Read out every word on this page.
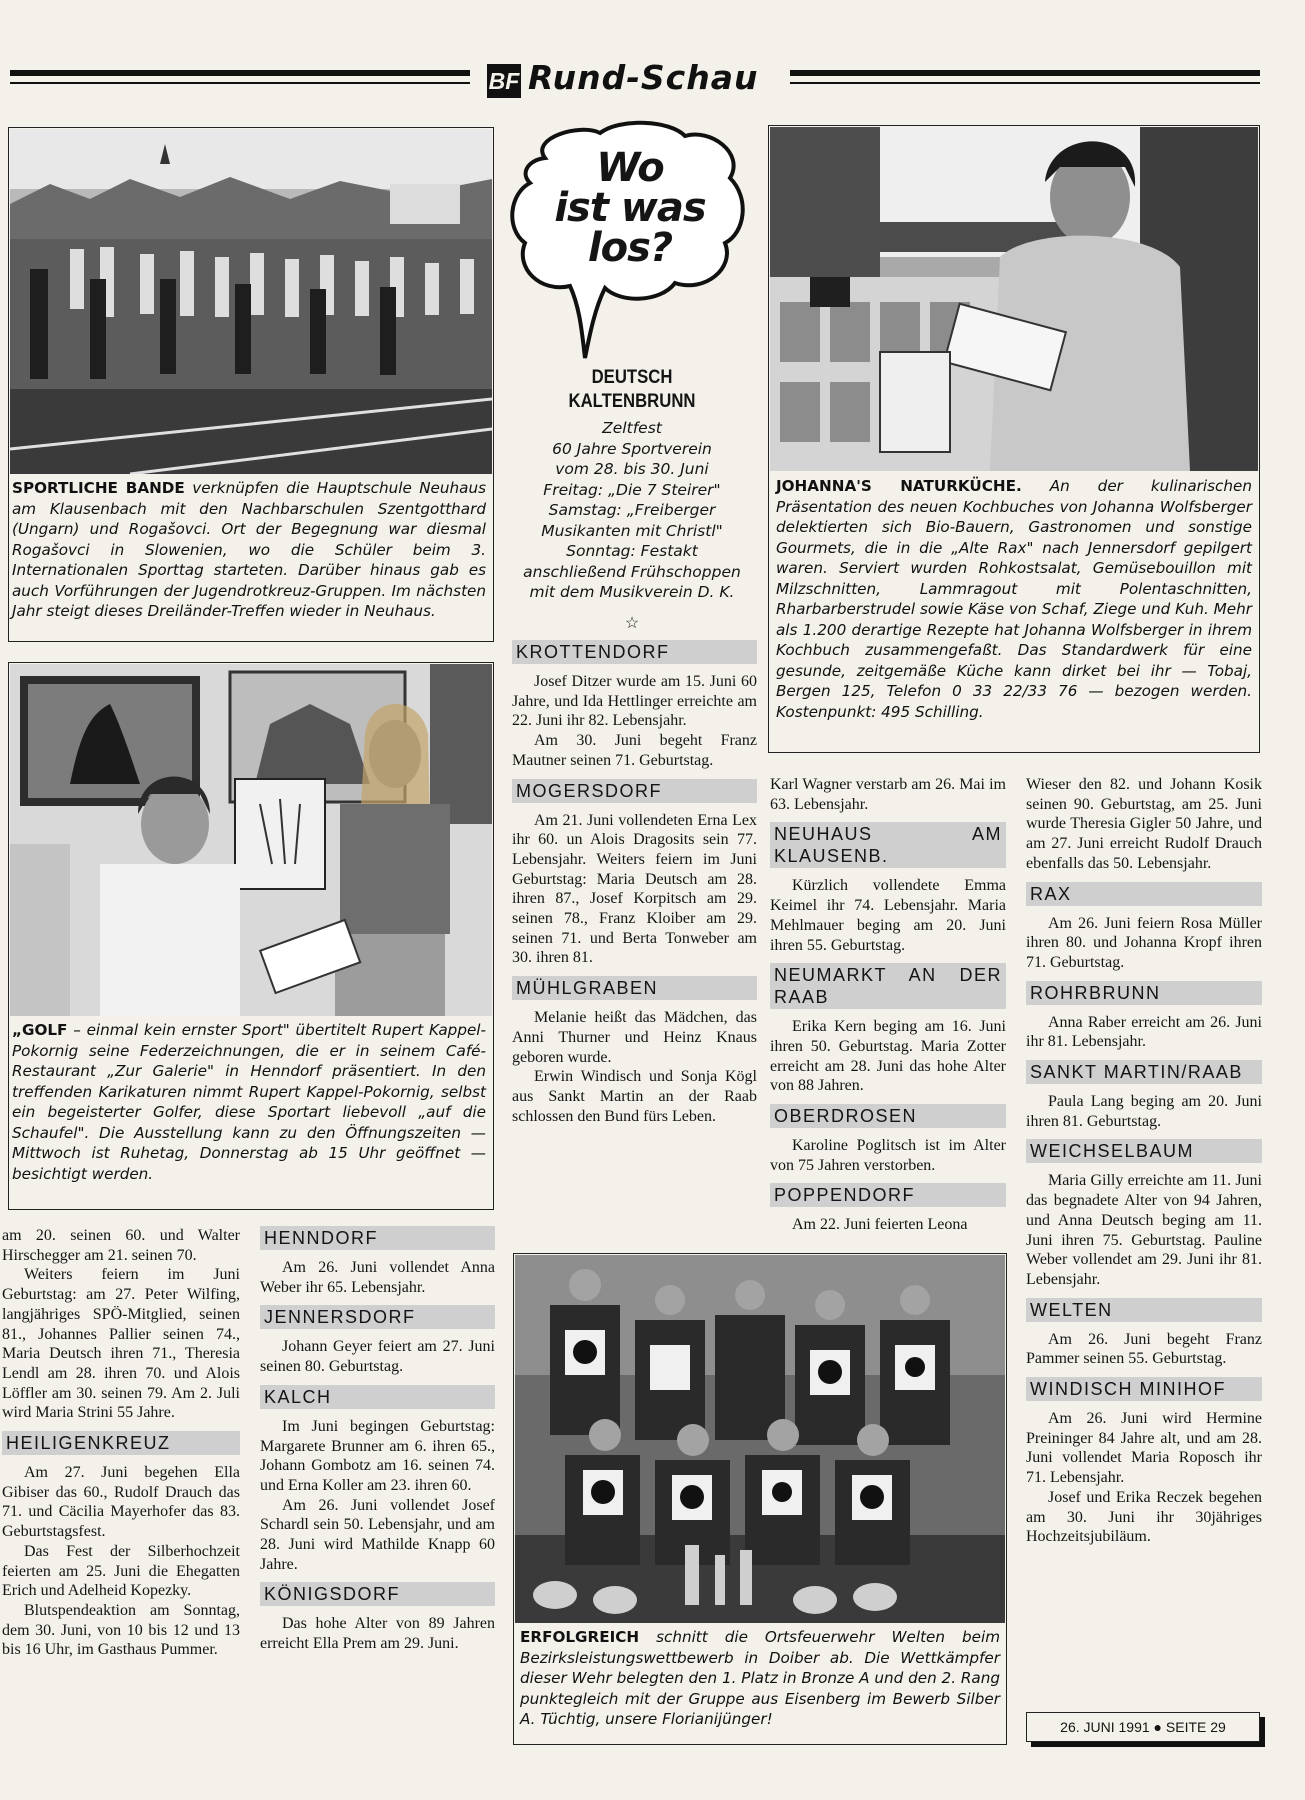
BF Rund-Schau
SPORTLICHE BANDE verknüpfen die Hauptschule Neuhaus am Klausenbach mit den Nachbarschulen Szentgotthard (Ungarn) und Rogašovci. Ort der Begegnung war diesmal Rogašovci in Slowenien, wo die Schüler beim 3. Internationalen Sporttag starteten. Darüber hinaus gab es auch Vorführungen der Jugendrotkreuz-Gruppen. Im nächsten Jahr steigt dieses Dreiländer-Treffen wieder in Neuhaus.
„GOLF – einmal kein ernster Sport" übertitelt Rupert Kappel-Pokornig seine Federzeichnungen, die er in seinem Café-Restaurant „Zur Galerie" in Henndorf präsentiert. In den treffenden Karikaturen nimmt Rupert Kappel-Pokornig, selbst ein begeisterter Golfer, diese Sportart liebevoll „auf die Schaufel". Die Ausstellung kann zu den Öffnungszeiten — Mittwoch ist Ruhetag, Donnerstag ab 15 Uhr geöffnet — besichtigt werden.
Wo
ist was
los?
DEUTSCH KALTENBRUNN
Zeltfest
60 Jahre Sportverein
vom 28. bis 30. Juni
Freitag: „Die 7 Steirer"
Samstag: „Freiberger
Musikanten mit Christl"
Sonntag: Festakt
anschließend Frühschoppen
mit dem Musikverein D. K.
☆
JOHANNA'S NATURKÜCHE. An der kulinarischen Präsentation des neuen Kochbuches von Johanna Wolfsberger delektierten sich Bio-Bauern, Gastronomen und sonstige Gourmets, die in die „Alte Rax" nach Jennersdorf gepilgert waren. Serviert wurden Rohkostsalat, Gemüsebouillon mit Milzschnitten, Lammragout mit Polentaschnitten, Rharbarberstrudel sowie Käse von Schaf, Ziege und Kuh. Mehr als 1.200 derartige Rezepte hat Johanna Wolfsberger in ihrem Kochbuch zusammengefaßt. Das Standardwerk für eine gesunde, zeitgemäße Küche kann dirket bei ihr — Tobaj, Bergen 125, Telefon 0 33 22/33 76 — bezogen werden. Kostenpunkt: 495 Schilling.
ERFOLGREICH schnitt die Ortsfeuerwehr Welten beim Bezirksleistungswettbewerb in Doiber ab. Die Wettkämpfer dieser Wehr belegten den 1. Platz in Bronze A und den 2. Rang punktegleich mit der Gruppe aus Eisenberg im Bewerb Silber A. Tüchtig, unsere Florianijünger!
KROTTENDORF

Josef Ditzer wurde am 15. Juni 60 Jahre, und Ida Hettlinger erreichte am 22. Juni ihr 82. Lebensjahr.

Am 30. Juni begeht Franz Mautner seinen 71. Geburtstag.

MOGERSDORF

Am 21. Juni vollendeten Erna Lex ihr 60. un Alois Dragosits sein 77. Lebensjahr. Weiters feiern im Juni Geburtstag: Maria Deutsch am 28. ihren 87., Josef Korpitsch am 29. seinen 78., Franz Kloiber am 29. seinen 71. und Berta Tonweber am 30. ihren 81.

MÜHLGRABEN

Melanie heißt das Mädchen, das Anni Thurner und Heinz Knaus geboren wurde.

Erwin Windisch und Sonja Kögl aus Sankt Martin an der Raab schlossen den Bund fürs Leben.

am 20. seinen 60. und Walter Hirschegger am 21. seinen 70.

Weiters feiern im Juni Geburtstag: am 27. Peter Wilfing, langjähriges SPÖ-Mitglied, seinen 81., Johannes Pallier seinen 74., Maria Deutsch ihren 71., Theresia Lendl am 28. ihren 70. und Alois Löffler am 30. seinen 79. Am 2. Juli wird Maria Strini 55 Jahre.

HEILIGENKREUZ

Am 27. Juni begehen Ella Gibiser das 60., Rudolf Drauch das 71. und Cäcilia Mayerhofer das 83. Geburtstagsfest.

Das Fest der Silberhochzeit feierten am 25. Juni die Ehegatten Erich und Adelheid Kopezky.

Blutspendeaktion am Sonntag, dem 30. Juni, von 10 bis 12 und 13 bis 16 Uhr, im Gasthaus Pummer.

HENNDORF

Am 26. Juni vollendet Anna Weber ihr 65. Lebensjahr.

JENNERSDORF

Johann Geyer feiert am 27. Juni seinen 80. Geburtstag.

KALCH

Im Juni begingen Geburtstag: Margarete Brunner am 6. ihren 65., Johann Gombotz am 16. seinen 74. und Erna Koller am 23. ihren 60.

Am 26. Juni vollendet Josef Schardl sein 50. Lebensjahr, und am 28. Juni wird Mathilde Knapp 60 Jahre.

KÖNIGSDORF

Das hohe Alter von 89 Jahren erreicht Ella Prem am 29. Juni.

Karl Wagner verstarb am 26. Mai im 63. Lebensjahr.

NEUHAUS AM KLAUSENB.

Kürzlich vollendete Emma Keimel ihr 74. Lebensjahr. Maria Mehlmauer beging am 20. Juni ihren 55. Geburtstag.

NEUMARKT AN DER RAAB

Erika Kern beging am 16. Juni ihren 50. Geburtstag. Maria Zotter erreicht am 28. Juni das hohe Alter von 88 Jahren.

OBERDROSEN

Karoline Poglitsch ist im Alter von 75 Jahren verstorben.

POPPENDORF

Am 22. Juni feierten Leona

Wieser den 82. und Johann Kosik seinen 90. Geburtstag, am 25. Juni wurde Theresia Gigler 50 Jahre, und am 27. Juni erreicht Rudolf Drauch ebenfalls das 50. Lebensjahr.

RAX

Am 26. Juni feiern Rosa Müller ihren 80. und Johanna Kropf ihren 71. Geburtstag.

ROHRBRUNN

Anna Raber erreicht am 26. Juni ihr 81. Lebensjahr.

SANKT MARTIN/RAAB

Paula Lang beging am 20. Juni ihren 81. Geburtstag.

WEICHSELBAUM

Maria Gilly erreichte am 11. Juni das begnadete Alter von 94 Jahren, und Anna Deutsch beging am 11. Juni ihren 75. Geburtstag. Pauline Weber vollendet am 29. Juni ihr 81. Lebensjahr.

WELTEN

Am 26. Juni begeht Franz Pammer seinen 55. Geburtstag.

WINDISCH MINIHOF

Am 26. Juni wird Hermine Preininger 84 Jahre alt, und am 28. Juni vollendet Maria Roposch ihr 71. Lebensjahr.

Josef und Erika Reczek begehen am 30. Juni ihr 30jähriges Hochzeitsjubiläum.

26. JUNI 1991 ● SEITE 29
